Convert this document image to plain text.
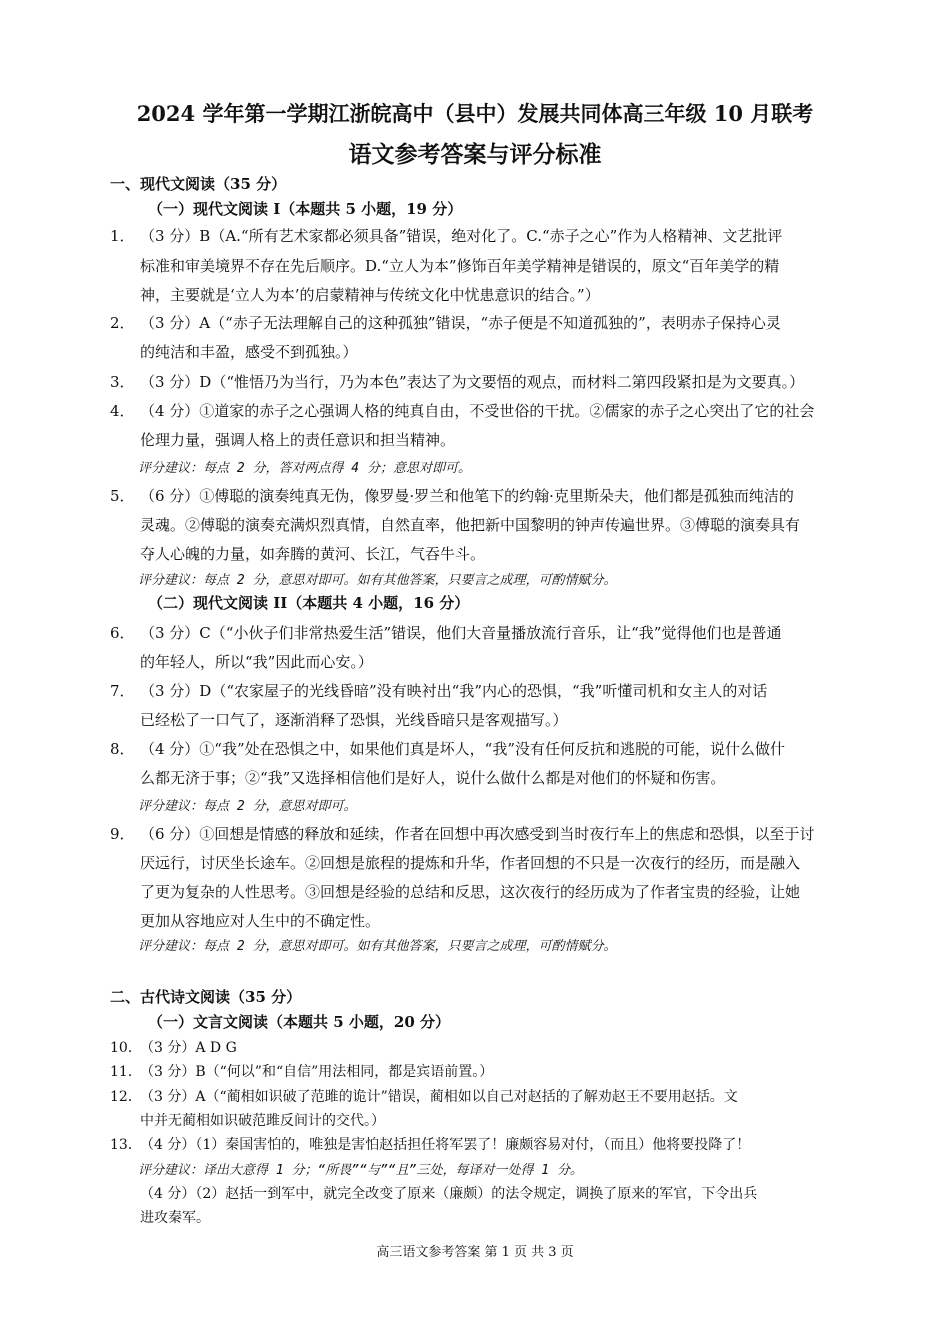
2024 学年第一学期江浙皖高中（县中）发展共同体高三年级 10 月联考
语文参考答案与评分标准
一、现代文阅读（35 分）
（一）现代文阅读 I（本题共 5 小题，19 分）
1． （3 分）B（A.“所有艺术家都必须具备”错误，绝对化了。C.“赤子之心”作为人格精神、文艺批评
标准和审美境界不存在先后顺序。D.“立人为本”修饰百年美学精神是错误的，原文“百年美学的精
神，主要就是‘立人为本’的启蒙精神与传统文化中忧患意识的结合。”）
2． （3 分）A（“赤子无法理解自己的这种孤独”错误，“赤子便是不知道孤独的”，表明赤子保持心灵
的纯洁和丰盈，感受不到孤独。）
3． （3 分）D（“惟悟乃为当行，乃为本色”表达了为文要悟的观点，而材料二第四段紧扣是为文要真。）
4． （4 分）①道家的赤子之心强调人格的纯真自由，不受世俗的干扰。②儒家的赤子之心突出了它的社会
伦理力量，强调人格上的责任意识和担当精神。
评分建议：每点 2 分，答对两点得 4 分；意思对即可。
5． （6 分）①傅聪的演奏纯真无伪，像罗曼·罗兰和他笔下的约翰·克里斯朵夫，他们都是孤独而纯洁的
灵魂。②傅聪的演奏充满炽烈真情，自然直率，他把新中国黎明的钟声传遍世界。③傅聪的演奏具有
夺人心魄的力量，如奔腾的黄河、长江，气吞牛斗。
评分建议：每点 2 分，意思对即可。如有其他答案，只要言之成理，可酌情赋分。
（二）现代文阅读 II（本题共 4 小题，16 分）
6． （3 分）C（“小伙子们非常热爱生活”错误，他们大音量播放流行音乐，让“我”觉得他们也是普通
的年轻人，所以“我”因此而心安。）
7． （3 分）D（“农家屋子的光线昏暗”没有映衬出“我”内心的恐惧，“我”听懂司机和女主人的对话
已经松了一口气了，逐渐消释了恐惧，光线昏暗只是客观描写。）
8． （4 分）①“我”处在恐惧之中，如果他们真是坏人，“我”没有任何反抗和逃脱的可能，说什么做什
么都无济于事；②“我”又选择相信他们是好人，说什么做什么都是对他们的怀疑和伤害。
评分建议：每点 2 分，意思对即可。
9． （6 分）①回想是情感的释放和延续，作者在回想中再次感受到当时夜行车上的焦虑和恐惧，以至于讨
厌远行，讨厌坐长途车。②回想是旅程的提炼和升华，作者回想的不只是一次夜行的经历，而是融入
了更为复杂的人性思考。③回想是经验的总结和反思，这次夜行的经历成为了作者宝贵的经验，让她
更加从容地应对人生中的不确定性。
评分建议：每点 2 分，意思对即可。如有其他答案，只要言之成理，可酌情赋分。
二、古代诗文阅读（35 分）
（一）文言文阅读（本题共 5 小题，20 分）
10．
（3 分）A D G
11．
（3 分）B（“何以”和“自信”用法相同，都是宾语前置。）
12．
（3 分）A（“蔺相如识破了范雎的诡计”错误，蔺相如以自己对赵括的了解劝赵王不要用赵括。文
中并无蔺相如识破范雎反间计的交代。）
13．
（4 分）（1）秦国害怕的，唯独是害怕赵括担任将军罢了！廉颇容易对付，（而且）他将要投降了！
评分建议：译出大意得 1 分；“所畏”“与”“且”三处，每译对一处得 1 分。
（4 分）（2）赵括一到军中，就完全改变了原来（廉颇）的法令规定，调换了原来的军官，下令出兵
进攻秦军。
高三语文参考答案 第 1 页 共 3 页
